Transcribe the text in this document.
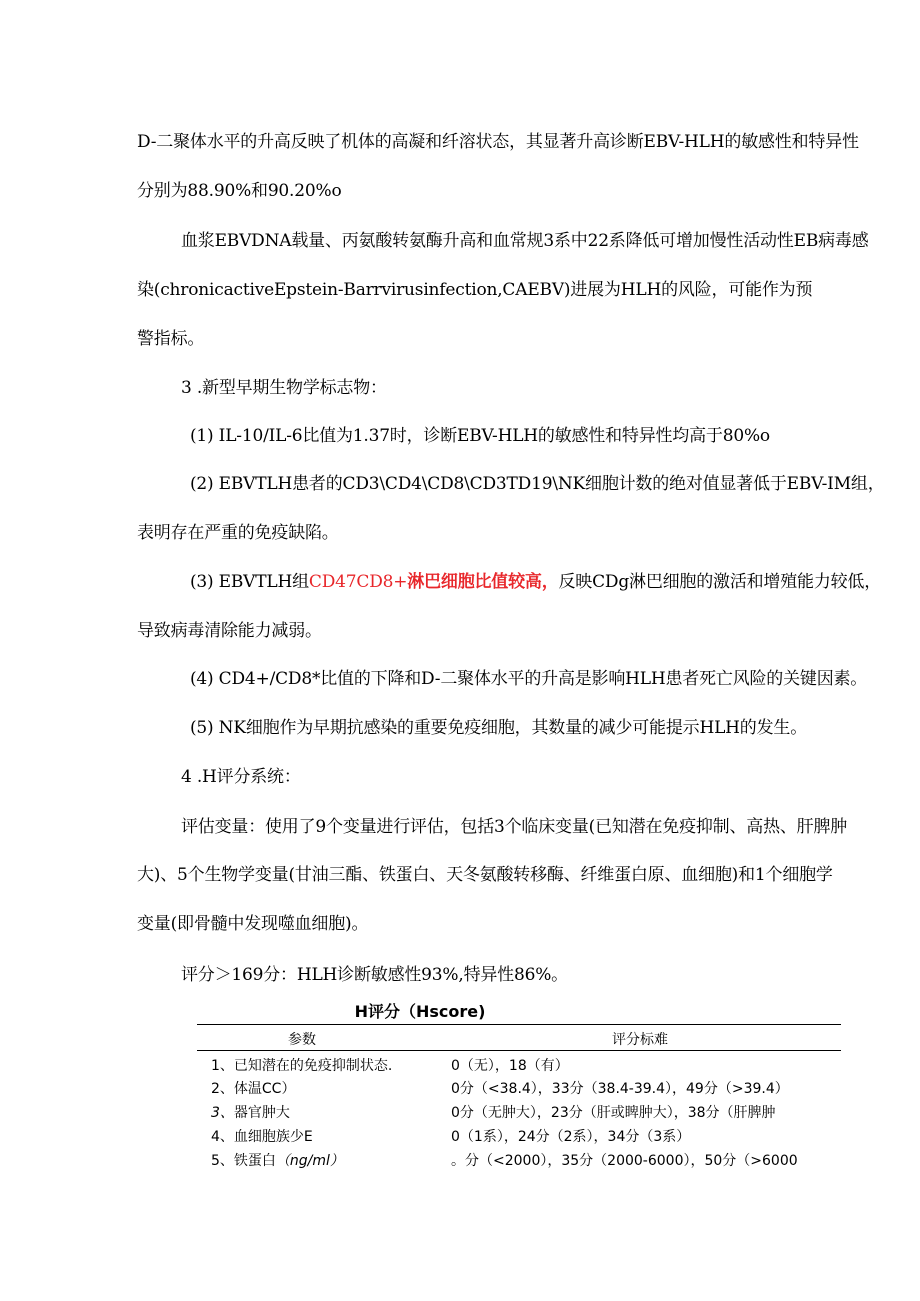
D-二聚体水平的升高反映了机体的高凝和纤溶状态，其显著升高诊断EBV-HLH的敏感性和特异性
分别为88.90%和90.20%o
血浆EBVDNA载量、丙氨酸转氨酶升高和血常规3系中22系降低可增加慢性活动性EB病毒感
染(chronicactiveEpstein-Barrvirusinfection,CAEBV)进展为HLH的风险，可能作为预
警指标。
3 .新型早期生物学标志物：
(1) IL-10/IL-6比值为1.37时，诊断EBV-HLH的敏感性和特异性均高于80%o
(2) EBVTLH患者的CD3\CD4\CD8\CD3TD19\NK细胞计数的绝对值显著低于EBV-IM组，
表明存在严重的免疫缺陷。
(3) EBVTLH组CD47CD8+淋巴细胞比值较高，反映CDg淋巴细胞的激活和增殖能力较低，
导致病毒清除能力减弱。
(4) CD4+/CD8*比值的下降和D-二聚体水平的升高是影响HLH患者死亡风险的关键因素。
(5) NK细胞作为早期抗感染的重要免疫细胞，其数量的减少可能提示HLH的发生。
4 .H评分系统：
评估变量：使用了9个变量进行评估，包括3个临床变量(已知潜在免疫抑制、高热、肝脾肿
大)、5个生物学变量(甘油三酯、铁蛋白、天冬氨酸转移酶、纤维蛋白原、血细胞)和1个细胞学
变量(即骨髓中发现噬血细胞)。
评分＞169分：HLH诊断敏感性93%,特异性86%。
H评分（Hscore)
参数	评分标难
1、已知潜在的免疫抑制状态.	0（无），18（有）
2、体温CC）	0分（<38.4），33分（38.4-39.4），49分（>39.4）
3、器官肿大	0分（无肿大），23分（肝或睥肿大），38分（肝脾肿
4、血细胞族少E	0（1系），24分（2系），34分（3系）
5、铁蛋白（ng/ml）	。分（<2000），35分（2000-6000），50分（>6000
